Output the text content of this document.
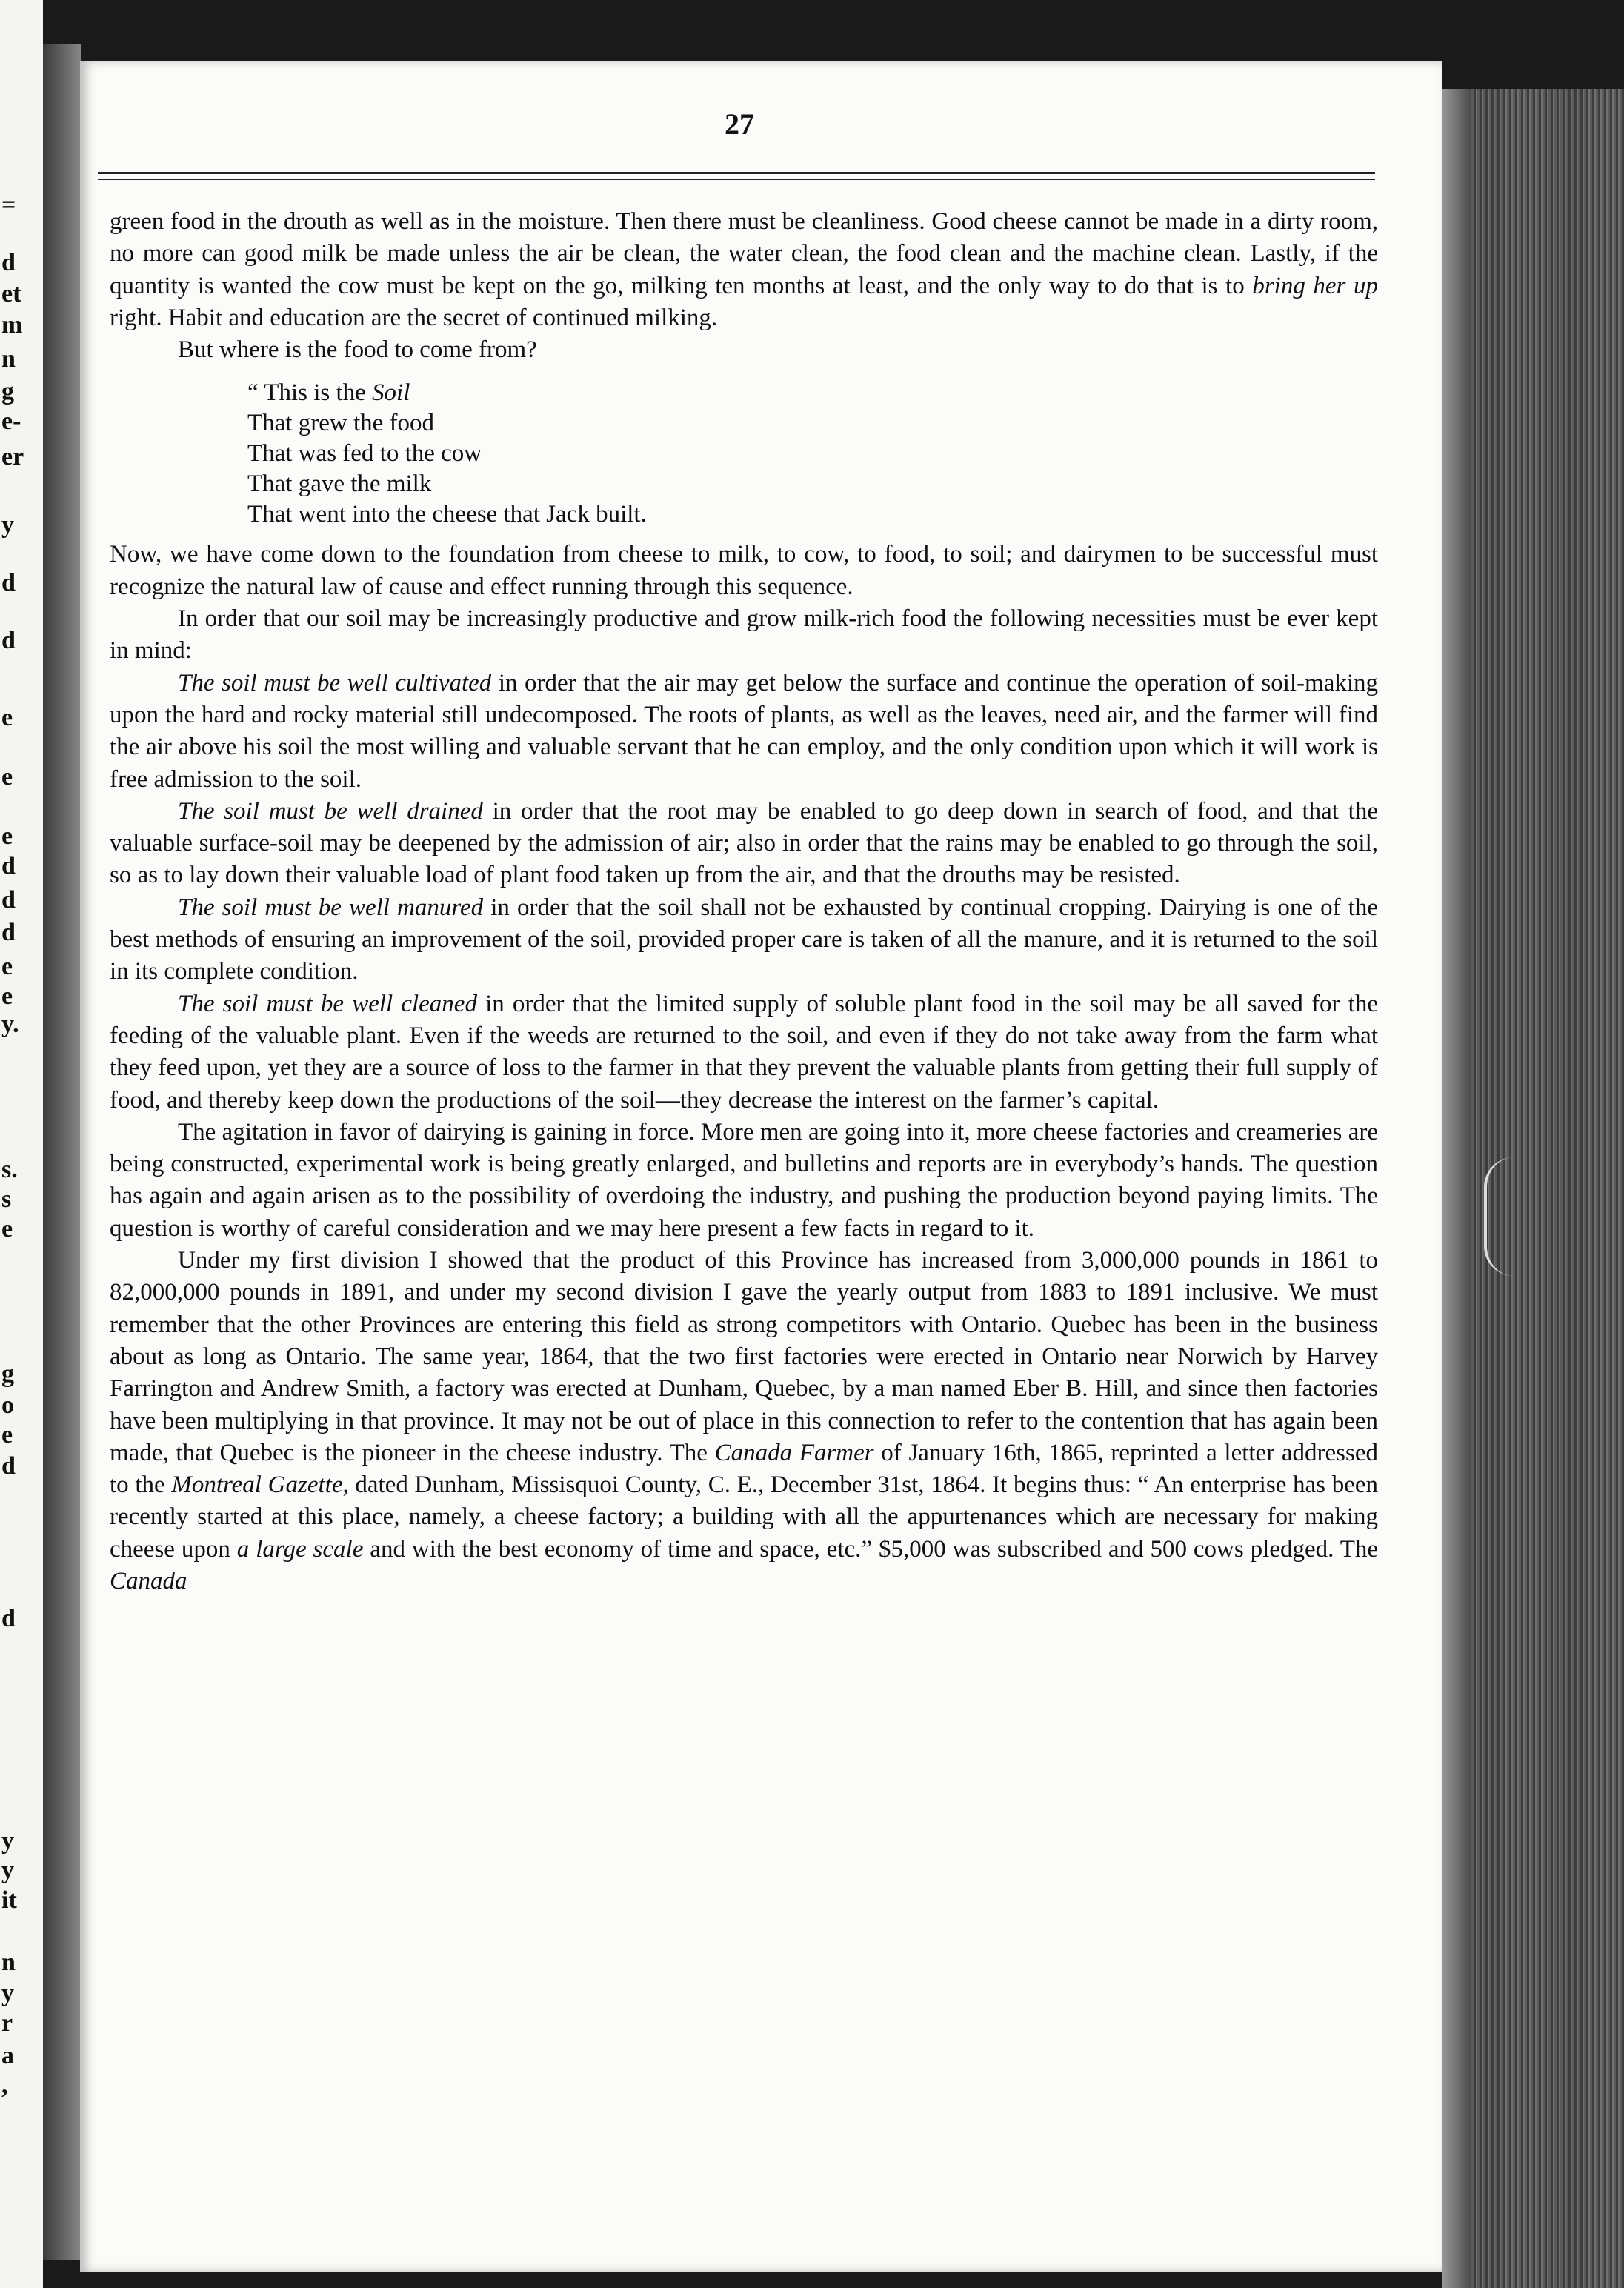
=
d
et
m
n
g
e-
er
y
d
d
e
e
e
d
d
d
e
e
y.
s.
s
e
g
o
e
d
d
y
y
it
n
y
r
a
,
27

green food in the drouth as well as in the moisture. Then there must be cleanliness. Good cheese cannot be made in a dirty room, no more can good milk be made unless the air be clean, the water clean, the food clean and the machine clean. Lastly, if the quantity is wanted the cow must be kept on the go, milking ten months at least, and the only way to do that is to bring her up right. Habit and education are the secret of continued milking.

But where is the food to come from?

“ This is the Soil
That grew the food
That was fed to the cow
That gave the milk
That went into the cheese that Jack built.

Now, we have come down to the foundation from cheese to milk, to cow, to food, to soil; and dairymen to be successful must recognize the natural law of cause and effect running through this sequence.

In order that our soil may be increasingly productive and grow milk-rich food the following necessities must be ever kept in mind:

The soil must be well cultivated in order that the air may get below the surface and continue the operation of soil-making upon the hard and rocky material still undecomposed. The roots of plants, as well as the leaves, need air, and the farmer will find the air above his soil the most willing and valuable servant that he can employ, and the only condition upon which it will work is free admission to the soil.

The soil must be well drained in order that the root may be enabled to go deep down in search of food, and that the valuable surface-soil may be deepened by the admission of air; also in order that the rains may be enabled to go through the soil, so as to lay down their valuable load of plant food taken up from the air, and that the drouths may be resisted.

The soil must be well manured in order that the soil shall not be exhausted by continual cropping. Dairying is one of the best methods of ensuring an improvement of the soil, provided proper care is taken of all the manure, and it is returned to the soil in its complete condition.

The soil must be well cleaned in order that the limited supply of soluble plant food in the soil may be all saved for the feeding of the valuable plant. Even if the weeds are returned to the soil, and even if they do not take away from the farm what they feed upon, yet they are a source of loss to the farmer in that they prevent the valuable plants from getting their full supply of food, and thereby keep down the productions of the soil—they decrease the interest on the farmer’s capital.

The agitation in favor of dairying is gaining in force. More men are going into it, more cheese factories and creameries are being constructed, experimental work is being greatly enlarged, and bulletins and reports are in everybody’s hands. The question has again and again arisen as to the possibility of overdoing the industry, and pushing the production beyond paying limits. The question is worthy of careful consideration and we may here present a few facts in regard to it.

Under my first division I showed that the product of this Province has increased from 3,000,000 pounds in 1861 to 82,000,000 pounds in 1891, and under my second division I gave the yearly output from 1883 to 1891 inclusive. We must remember that the other Provinces are entering this field as strong competitors with Ontario. Quebec has been in the business about as long as Ontario. The same year, 1864, that the two first factories were erected in Ontario near Norwich by Harvey Farrington and Andrew Smith, a factory was erected at Dunham, Quebec, by a man named Eber B. Hill, and since then factories have been multiplying in that province. It may not be out of place in this connection to refer to the contention that has again been made, that Quebec is the pioneer in the cheese industry. The Canada Farmer of January 16th, 1865, reprinted a letter addressed to the Montreal Gazette, dated Dunham, Missisquoi County, C. E., December 31st, 1864. It begins thus: “ An enterprise has been recently started at this place, namely, a cheese factory; a building with all the appurtenances which are necessary for making cheese upon a large scale and with the best economy of time and space, etc.” $5,000 was subscribed and 500 cows pledged. The Canada
